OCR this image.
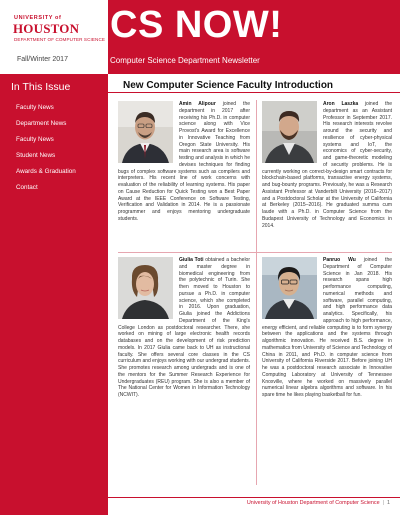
UNIVERSITY of
HOUSTON
DEPARTMENT OF COMPUTER SCIENCE
Fall/Winter 2017
CS NOW!
Computer Science Department Newsletter
In This Issue
Faculty News
Department News
Faculty News
Student News
Awards & Graduation
Contact
New Computer Science Faculty Introduction
Amin Alipour joined the department in 2017 after receiving his Ph.D. in computer science along with Vice Provost's Award for Excellence in Innovative Teaching from Oregon State University. His main research area is software testing and analysis in which he devises techniques for finding bugs of complex software systems such as compilers and interpreters. His recent line of work concerns with evaluation of the reliability of learning systems. His paper on Cause Reduction for Quick Testing won a Best Paper Award at the IEEE Conference on Software Testing, Verification and Validation in 2014. He is a passionate programmer and enjoys mentoring undergraduate students.
Aron Laszka joined the department as an Assistant Professor in September 2017. His research interests revolve around the security and resilience of cyber-physical systems and IoT, the economics of cyber-security, and game-theoretic modeling of security problems. He is currently working on correct-by-design smart contracts for blockchain-based platforms, transactive energy systems, and bug-bounty programs. Previously, he was a Research Assistant Professor at Vanderbilt University (2016–2017) and a Postdoctoral Scholar at the University of California at Berkeley (2015–2016). He graduated summa cum laude with a Ph.D. in Computer Science from the Budapest University of Technology and Economics in 2014.
Giulia Toti obtained a bachelor and master degree in biomedical engineering from the polytechnic of Turin. She then moved to Houston to pursue a Ph.D. in computer science, which she completed in 2016. Upon graduation, Giulia joined the Addictions Department of the King's College London as postdoctoral researcher. There, she worked on mining of large electronic health records databases and on the development of risk prediction models. In 2017 Giulia came back to UH as instructional faculty. She offers several core classes in the CS curriculum and enjoys working with our undergrad students. She promotes research among undergrads and is one of the mentors for the Summer Research Experience for Undergraduates (REU) program. She is also a member of The National Center for Women in Information Technology (NCWIT).
Panruo Wu joined the Department of Computer Science in Jan 2018. His research spans high performance computing, numerical methods and software, parallel computing, and high performance data analytics. Specifically, his approach to high performance, energy efficient, and reliable computing is to form synergy between the applications and the systems through algorithmic innovation. He received B.S. degree in mathematics from University of Science and Technology of China in 2011, and Ph.D. in computer science from University of California Riverside 2017. Before joining UH he was a postdoctoral research associate in Innovative Computing Laboratory at University of Tennessee Knoxville, where he worked on massively parallel numerical linear algebra algorithms and software. In his spare time he likes playing basketball for fun.
University of Houston Department of Computer Science | 1
